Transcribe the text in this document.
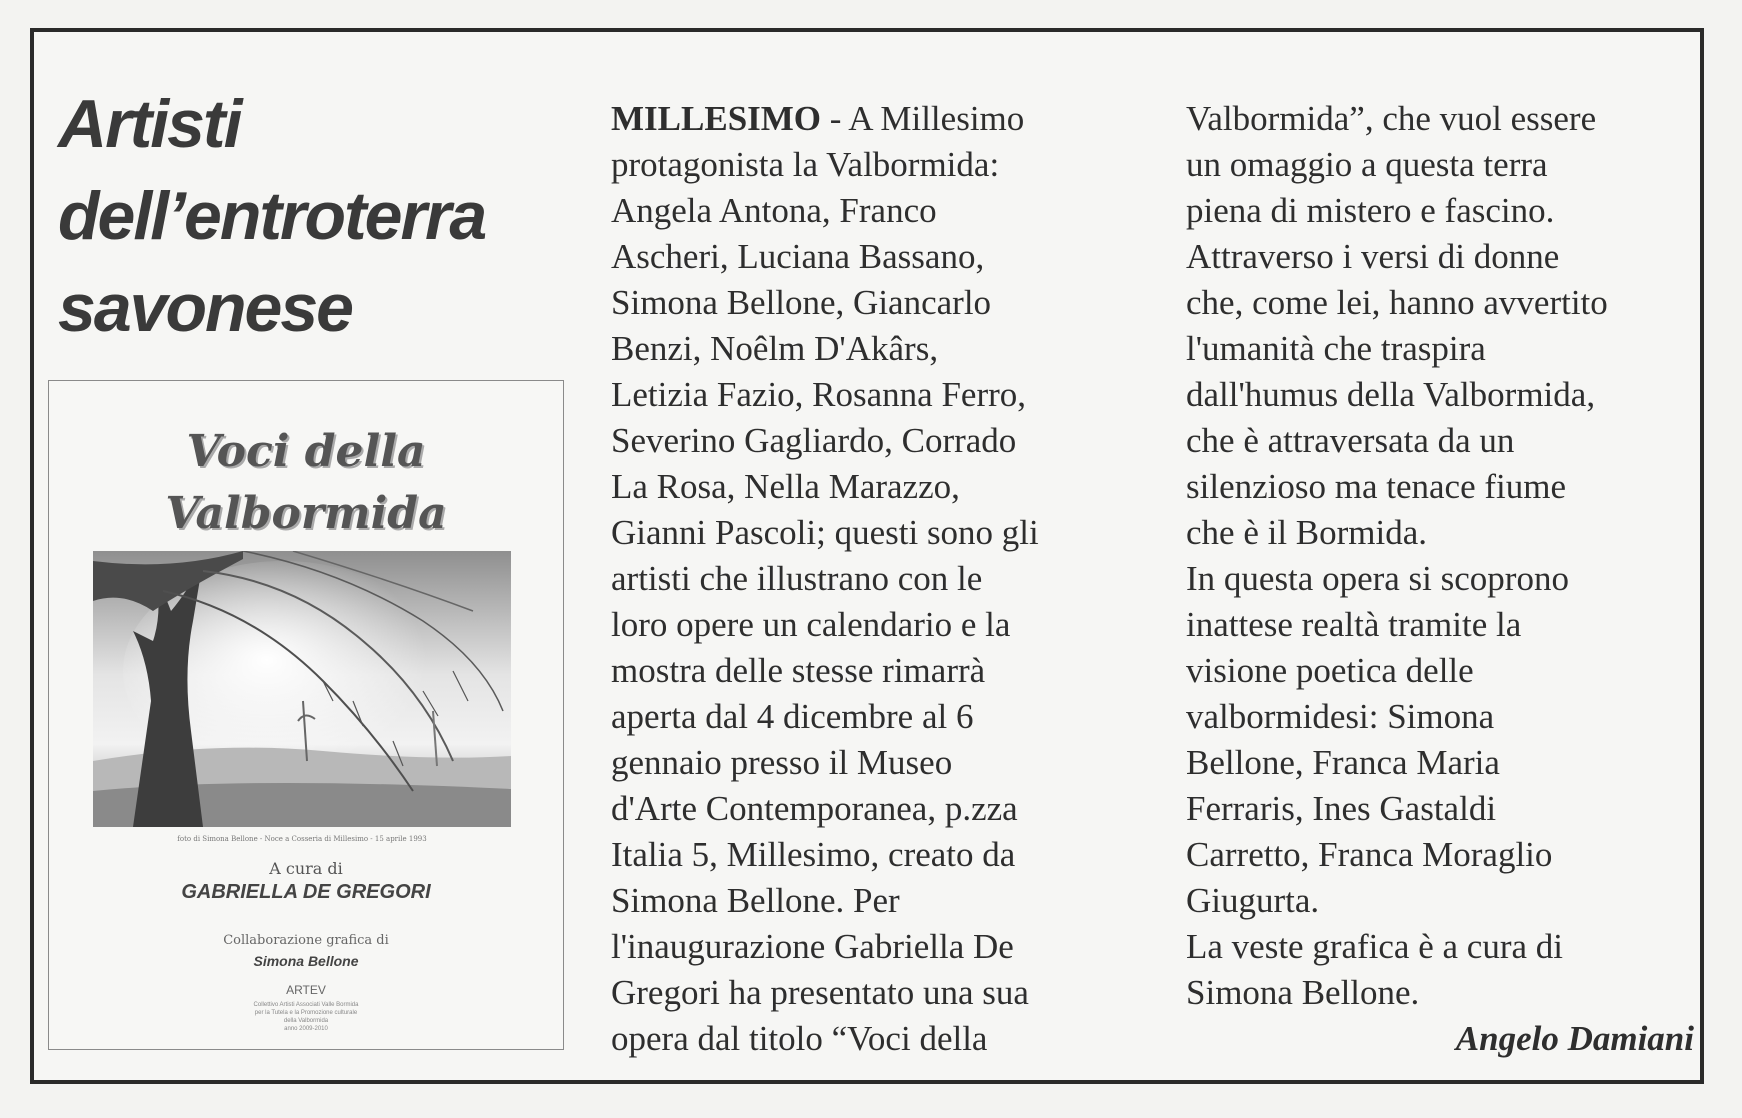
Artisti
dell’entroterra
savonese
Voci della
Valbormida
foto di Simona Bellone - Noce a Cosseria di Millesimo - 15 aprile 1993
A cura di
GABRIELLA DE GREGORI
Collaborazione grafica di
Simona Bellone
ARTEV
Collettivo Artisti Associati Valle Bormida
per la Tutela e la Promozione culturale
della Valbormida
anno 2009-2010
MILLESIMO - A Millesimo
protagonista la Valbormida:
Angela Antona, Franco
Ascheri, Luciana Bassano,
Simona Bellone, Giancarlo
Benzi, Noêlm D'Akârs,
Letizia Fazio, Rosanna Ferro,
Severino Gagliardo, Corrado
La Rosa, Nella Marazzo,
Gianni Pascoli; questi sono gli
artisti che illustrano con le
loro opere un calendario e la
mostra delle stesse rimarrà
aperta dal 4 dicembre al 6
gennaio presso il Museo
d'Arte Contemporanea, p.zza
Italia 5, Millesimo, creato da
Simona Bellone. Per
l'inaugurazione Gabriella De
Gregori ha presentato una sua
opera dal titolo “Voci della
Valbormida”, che vuol essere
un omaggio a questa terra
piena di mistero e fascino.
Attraverso i versi di donne
che, come lei, hanno avvertito
l'umanità che traspira
dall'humus della Valbormida,
che è attraversata da un
silenzioso ma tenace fiume
che è il Bormida.
In questa opera si scoprono
inattese realtà tramite la
visione poetica delle
valbormidesi: Simona
Bellone, Franca Maria
Ferraris, Ines Gastaldi
Carretto, Franca Moraglio
Giugurta.
La veste grafica è a cura di
Simona Bellone.
Angelo Damiani
